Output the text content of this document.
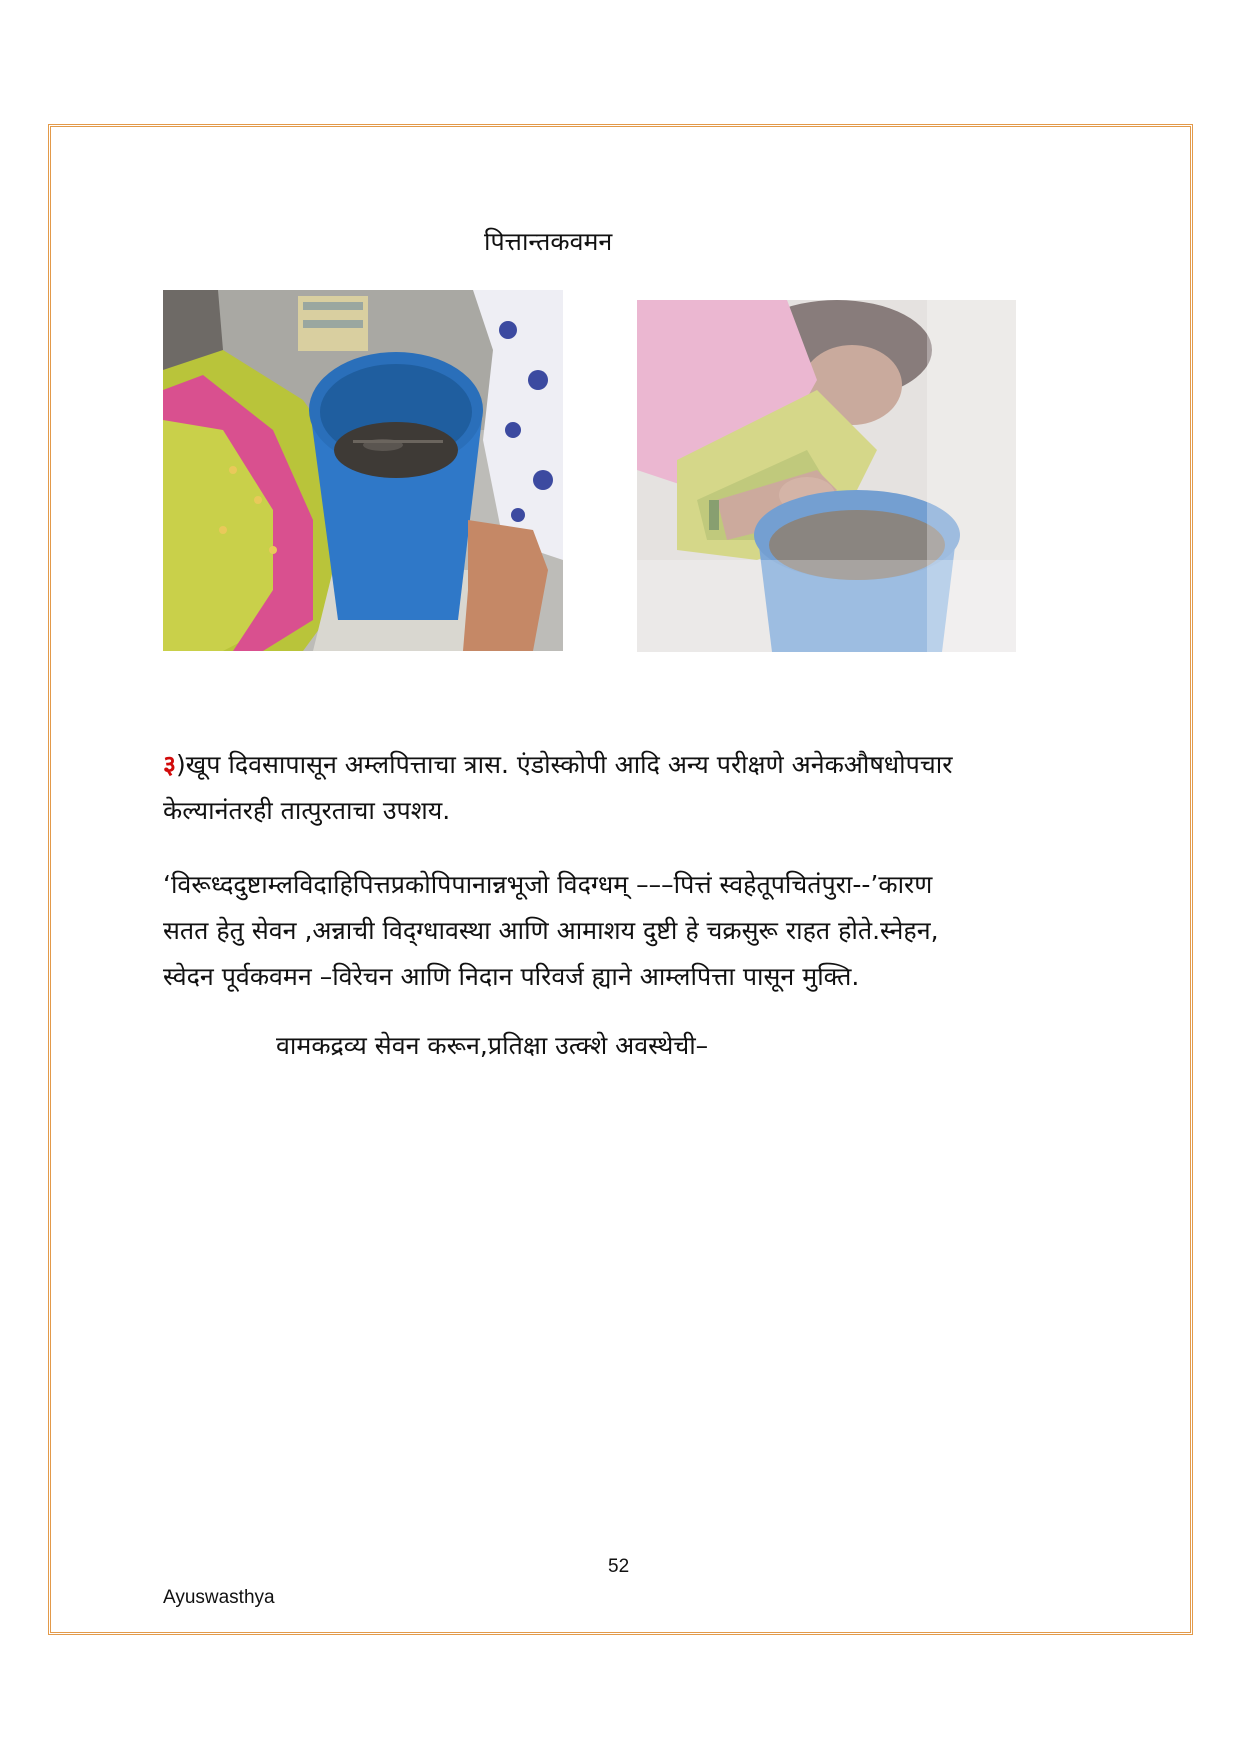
पित्तान्तकवमन
३)खूप दिवसापासून अम्लपित्ताचा त्रास. एंडोस्कोपी आदि अन्य परीक्षणे अनेकऔषधोपचार
केल्यानंतरही तात्पुरताचा उपशय.
‘विरूध्ददुष्टाम्लविदाहिपित्तप्रकोपिपानान्नभूजो विदग्धम् –––पित्तं स्वहेतूपचितंपुरा--’कारण
सतत हेतु सेवन ,अन्नाची विद्ग्धावस्था आणि आमाशय दुष्टी हे चक्रसुरू राहत होते.स्नेहन,
स्वेदन पूर्वकवमन –विरेचन आणि निदान परिवर्ज ह्याने आम्लपित्ता पासून मुक्ति.
वामकद्रव्य सेवन करून,प्रतिक्षा उत्क्शे अवस्थेची–
52
Ayuswasthya
